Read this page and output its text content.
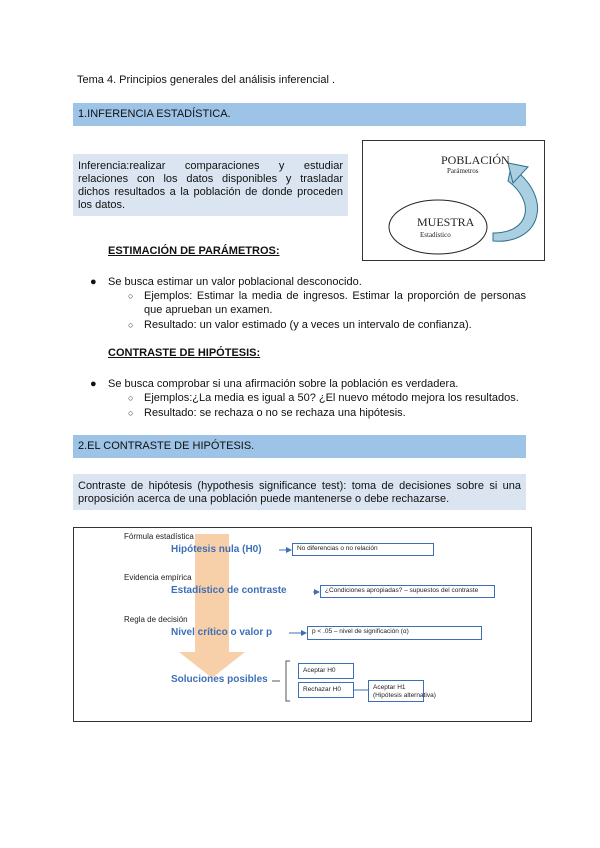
Tema 4. Principios generales del análisis inferencial .
1.INFERENCIA ESTADÍSTICA.
Inferencia:realizar comparaciones y estudiar relaciones con los datos disponibles y trasladar dichos resultados a la población de donde proceden los datos.
POBLACIÓN
Parámetros
MUESTRA
Estadístico
ESTIMACIÓN DE PARÁMETROS:
● Se busca estimar un valor poblacional desconocido.
○ Ejemplos: Estimar la media de ingresos. Estimar la proporción de personas que aprueban un examen.
○ Resultado: un valor estimado (y a veces un intervalo de confianza).
CONTRASTE DE HIPÓTESIS:
● Se busca comprobar si una afirmación sobre la población es verdadera.
○ Ejemplos:¿La media es igual a 50? ¿El nuevo método mejora los resultados.
○ Resultado: se rechaza o no se rechaza una hipótesis.
2.EL CONTRASTE DE HIPÓTESIS.
Contraste de hipótesis (hypothesis significance test): toma de decisiones sobre si una proposición acerca de una población puede mantenerse o debe rechazarse.
Fórmula estadística
Hipótesis nula (H0)	No diferencias o no relación
Evidencia empírica
Estadístico de contraste	¿Condiciones apropiadas? – supuestos del contraste
Regla de decisión
Nivel crítico o valor p	p < .05 – nivel de significación (α)
Soluciones posibles
Aceptar H0
Rechazar H0	Aceptar H1
(Hipótesis alternativa)
